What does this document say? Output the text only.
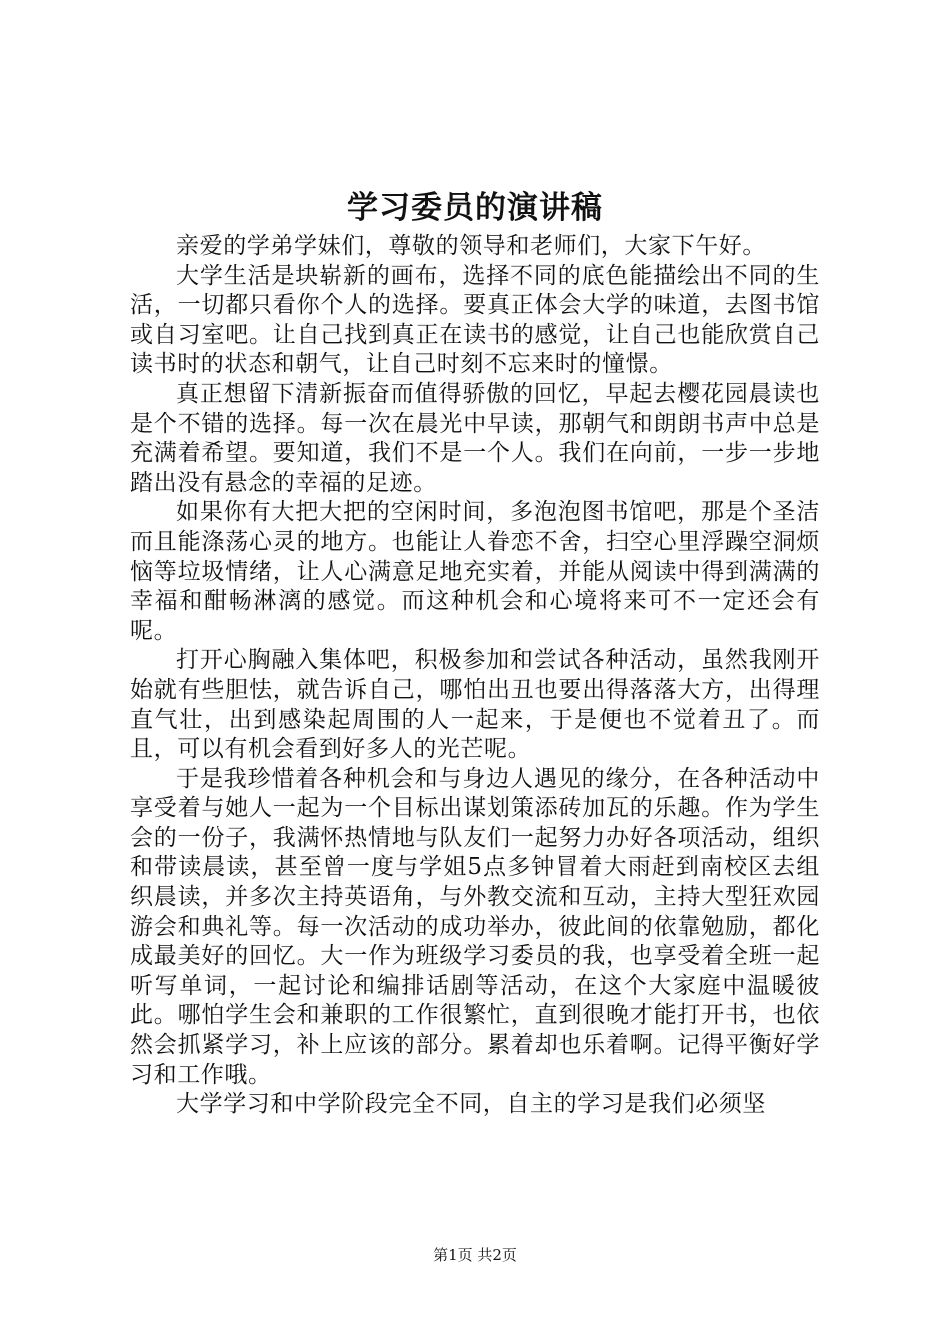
学习委员的演讲稿

亲爱的学弟学妹们，尊敬的领导和老师们，大家下午好。

大学生活是块崭新的画布，选择不同的底色能描绘出不同的生活，一切都只看你个人的选择。要真正体会大学的味道，去图书馆或自习室吧。让自己找到真正在读书的感觉，让自己也能欣赏自己读书时的状态和朝气，让自己时刻不忘来时的憧憬。

真正想留下清新振奋而值得骄傲的回忆，早起去樱花园晨读也是个不错的选择。每一次在晨光中早读，那朝气和朗朗书声中总是充满着希望。要知道，我们不是一个人。我们在向前，一步一步地踏出没有悬念的幸福的足迹。

如果你有大把大把的空闲时间，多泡泡图书馆吧，那是个圣洁而且能涤荡心灵的地方。也能让人眷恋不舍，扫空心里浮躁空洞烦恼等垃圾情绪，让人心满意足地充实着，并能从阅读中得到满满的幸福和酣畅淋漓的感觉。而这种机会和心境将来可不一定还会有呢。

打开心胸融入集体吧，积极参加和尝试各种活动，虽然我刚开始就有些胆怯，就告诉自己，哪怕出丑也要出得落落大方，出得理直气壮，出到感染起周围的人一起来，于是便也不觉着丑了。而且，可以有机会看到好多人的光芒呢。

于是我珍惜着各种机会和与身边人遇见的缘分，在各种活动中享受着与她人一起为一个目标出谋划策添砖加瓦的乐趣。作为学生会的一份子，我满怀热情地与队友们一起努力办好各项活动，组织和带读晨读，甚至曾一度与学姐5点多钟冒着大雨赶到南校区去组织晨读，并多次主持英语角，与外教交流和互动，主持大型狂欢园游会和典礼等。每一次活动的成功举办，彼此间的依靠勉励，都化成最美好的回忆。大一作为班级学习委员的我，也享受着全班一起听写单词，一起讨论和编排话剧等活动，在这个大家庭中温暖彼此。哪怕学生会和兼职的工作很繁忙，直到很晚才能打开书，也依然会抓紧学习，补上应该的部分。累着却也乐着啊。记得平衡好学习和工作哦。

大学学习和中学阶段完全不同，自主的学习是我们必须坚

第1页 共2页
